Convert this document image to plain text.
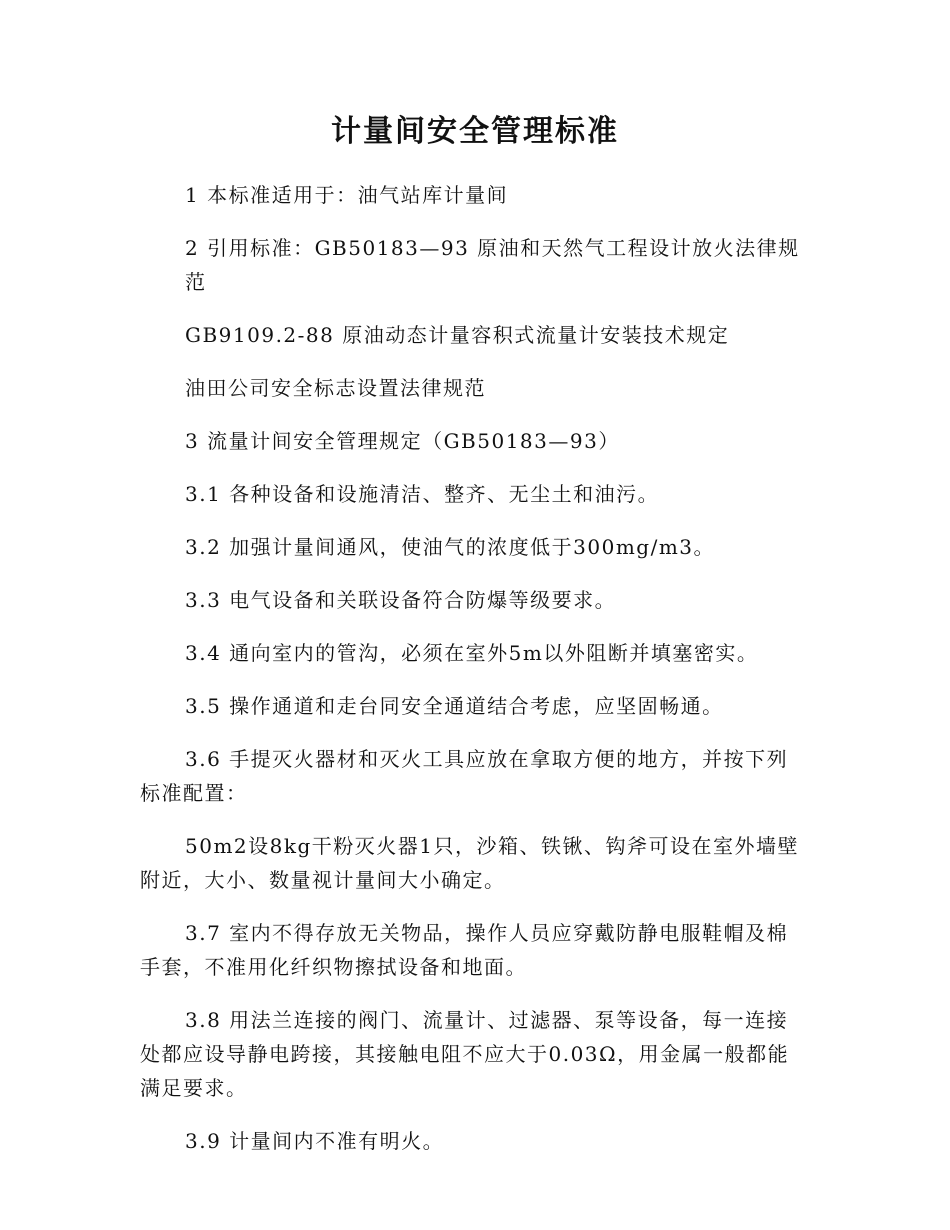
计量间安全管理标准

1 本标准适用于：油气站库计量间

2 引用标准：GB50183—93 原油和天然气工程设计放火法律规范

GB9109.2-88 原油动态计量容积式流量计安装技术规定

油田公司安全标志设置法律规范

3 流量计间安全管理规定（GB50183—93）

3.1 各种设备和设施清洁、整齐、无尘土和油污。

3.2 加强计量间通风，使油气的浓度低于300mg/m3。

3.3 电气设备和关联设备符合防爆等级要求。

3.4 通向室内的管沟，必须在室外5m以外阻断并填塞密实。

3.5 操作通道和走台同安全通道结合考虑，应坚固畅通。

3.6 手提灭火器材和灭火工具应放在拿取方便的地方，并按下列标准配置：

50m2设8kg干粉灭火器1只，沙箱、铁锹、钩斧可设在室外墙壁附近，大小、数量视计量间大小确定。

3.7 室内不得存放无关物品，操作人员应穿戴防静电服鞋帽及棉手套，不准用化纤织物擦拭设备和地面。

3.8 用法兰连接的阀门、流量计、过滤器、泵等设备，每一连接处都应设导静电跨接，其接触电阻不应大于0.03Ω，用金属一般都能满足要求。

3.9 计量间内不准有明火。
